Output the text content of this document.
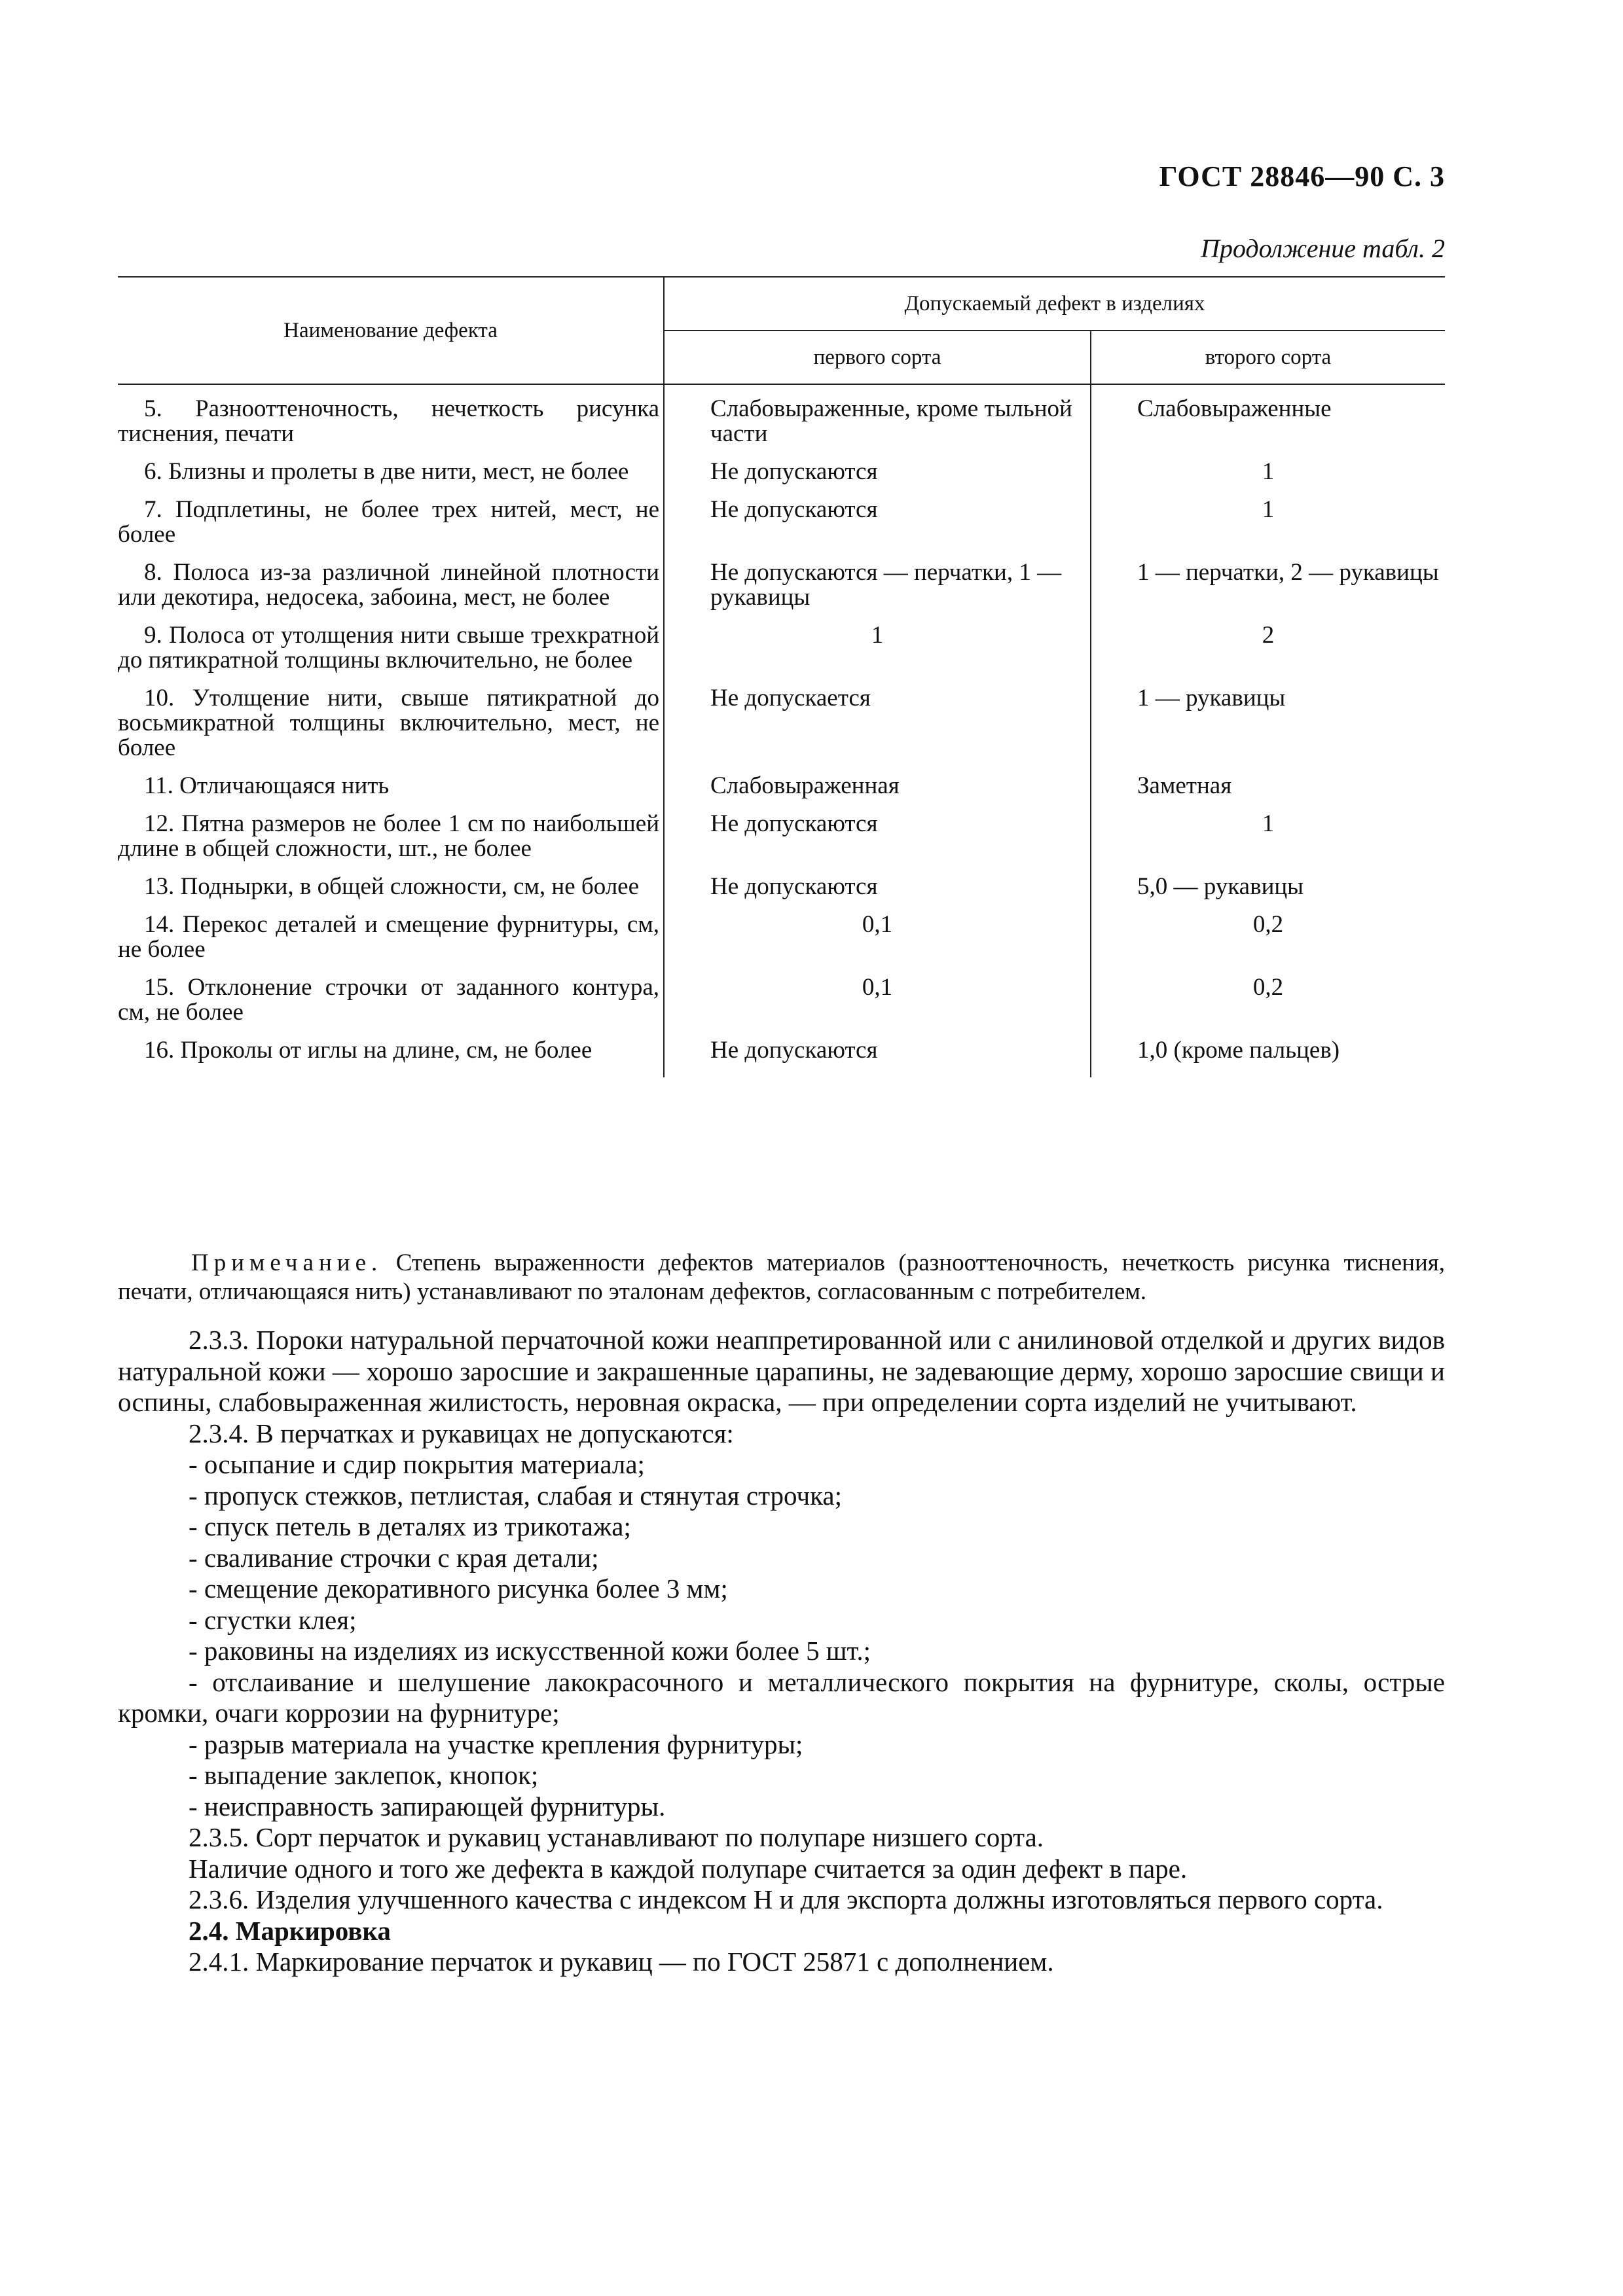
ГОСТ 28846—90 С. 3
Продолжение табл. 2
Наименование дефекта	Допускаемый дефект в изделиях	
	первого сорта	второго сорта

5. Разнооттеночность, нечеткость рисунка тиснения, печати	Слабовыраженные, кроме тыльной части	Слабовыраженные

6. Близны и пролеты в две нити, мест, не более	Не допускаются	1

7. Подплетины, не более трех нитей, мест, не более	Не допускаются	1

8. Полоса из-за различной линейной плотности или декотира, недосека, забоина, мест, не более	Не допускаются — перчатки, 1 — рукавицы	1 — перчатки, 2 — рукавицы

9. Полоса от утолщения нити свыше трехкратной до пятикратной толщины включительно, не более	1	2

10. Утолщение нити, свыше пятикратной до восьмикратной толщины включительно, мест, не более	Не допускается	1 — рукавицы

11. Отличающаяся нить	Слабовыраженная	Заметная

12. Пятна размеров не более 1 см по наибольшей длине в общей сложности, шт., не более	Не допускаются	1

13. Поднырки, в общей сложности, см, не более	Не допускаются	5,0 — рукавицы

14. Перекос деталей и смещение фурнитуры, см, не более	0,1	0,2

15. Отклонение строчки от заданного контура, см, не более	0,1	0,2

16. Проколы от иглы на длине, см, не более	Не допускаются	1,0 (кроме пальцев)

Примечание. Степень выраженности дефектов материалов (разнооттеночность, нечеткость рисунка тиснения, печати, отличающаяся нить) устанавливают по эталонам дефектов, согласованным с потребителем.

2.3.3. Пороки натуральной перчаточной кожи неаппретированной или с анилиновой отделкой и других видов натуральной кожи — хорошо заросшие и закрашенные царапины, не задевающие дерму, хорошо заросшие свищи и оспины, слабовыраженная жилистость, неровная окраска, — при определении сорта изделий не учитывают.

2.3.4. В перчатках и рукавицах не допускаются:

- осыпание и сдир покрытия материала;

- пропуск стежков, петлистая, слабая и стянутая строчка;

- спуск петель в деталях из трикотажа;

- сваливание строчки с края детали;

- смещение декоративного рисунка более 3 мм;

- сгустки клея;

- раковины на изделиях из искусственной кожи более 5 шт.;

- отслаивание и шелушение лакокрасочного и металлического покрытия на фурнитуре, сколы, острые кромки, очаги коррозии на фурнитуре;

- разрыв материала на участке крепления фурнитуры;

- выпадение заклепок, кнопок;

- неисправность запирающей фурнитуры.

2.3.5. Сорт перчаток и рукавиц устанавливают по полупаре низшего сорта.

Наличие одного и того же дефекта в каждой полупаре считается за один дефект в паре.

2.3.6. Изделия улучшенного качества с индексом Н и для экспорта должны изготовляться первого сорта.

2.4. Маркировка

2.4.1. Маркирование перчаток и рукавиц — по ГОСТ 25871 с дополнением.
